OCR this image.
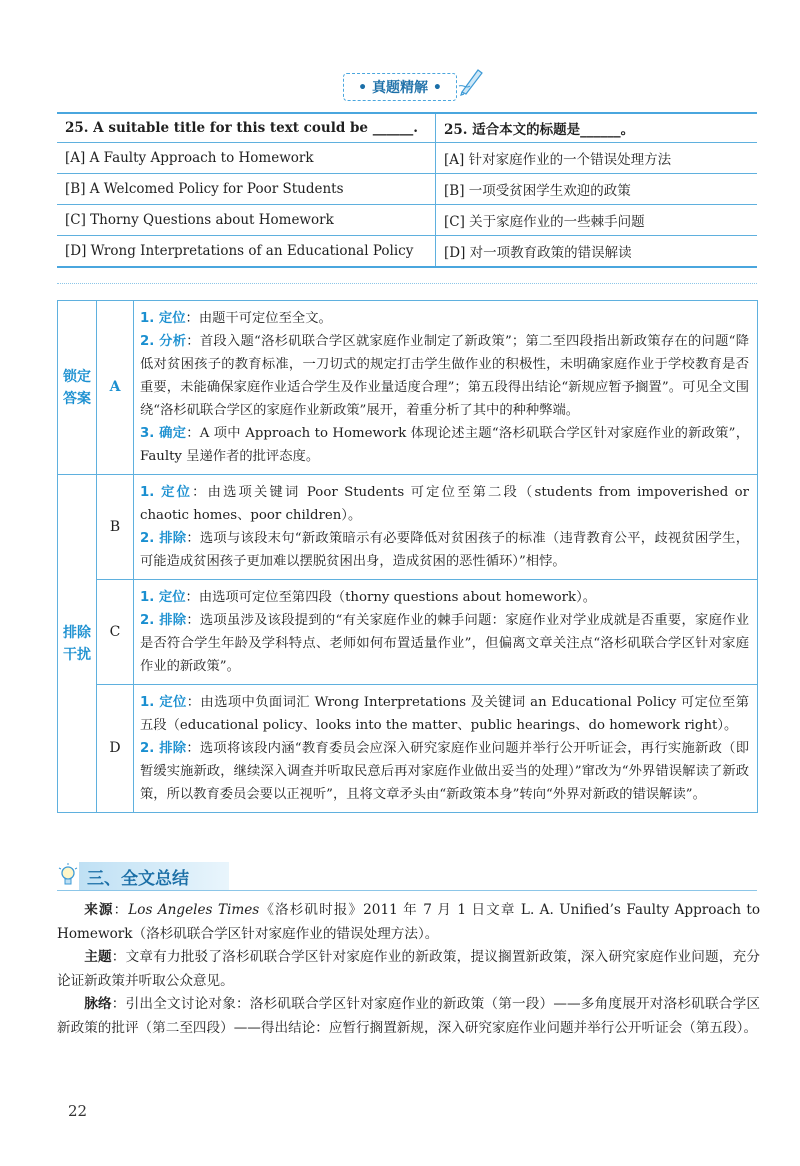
• 真题精解 •
25. A suitable title for this text could be ______.	25. 适合本文的标题是______。
[A] A Faulty Approach to Homework	[A] 针对家庭作业的一个错误处理方法
[B] A Welcomed Policy for Poor Students	[B] 一项受贫困学生欢迎的政策
[C] Thorny Questions about Homework	[C] 关于家庭作业的一些棘手问题
[D] Wrong Interpretations of an Educational Policy	[D] 对一项教育政策的错误解读
锁定答案	A	1. 定位：由题干可定位至全文。
2. 分析：首段入题“洛杉矶联合学区就家庭作业制定了新政策”；第二至四段指出新政策存在的问题“降低对贫困孩子的教育标准，一刀切式的规定打击学生做作业的积极性，未明确家庭作业于学校教育是否重要，未能确保家庭作业适合学生及作业量适度合理”；第五段得出结论“新规应暂予搁置”。可见全文围绕“洛杉矶联合学区的家庭作业新政策”展开，着重分析了其中的种种弊端。
3. 确定：A 项中 Approach to Homework 体现论述主题“洛杉矶联合学区针对家庭作业的新政策”，Faulty 呈递作者的批评态度。

排除干扰	B	1. 定位：由选项关键词 Poor Students 可定位至第二段（students from impoverished or chaotic homes、poor children）。
2. 排除：选项与该段末句“新政策暗示有必要降低对贫困孩子的标准（违背教育公平，歧视贫困学生，可能造成贫困孩子更加难以摆脱贫困出身，造成贫困的恶性循环）”相悖。

	C	1. 定位：由选项可定位至第四段（thorny questions about homework）。
2. 排除：选项虽涉及该段提到的“有关家庭作业的棘手问题：家庭作业对学业成就是否重要，家庭作业是否符合学生年龄及学科特点、老师如何布置适量作业”，但偏离文章关注点“洛杉矶联合学区针对家庭作业的新政策”。

	D	1. 定位：由选项中负面词汇 Wrong Interpretations 及关键词 an Educational Policy 可定位至第五段（educational policy、looks into the matter、public hearings、do homework right）。
2. 排除：选项将该段内涵“教育委员会应深入研究家庭作业问题并举行公开听证会，再行实施新政（即暂缓实施新政，继续深入调查并听取民意后再对家庭作业做出妥当的处理）”窜改为“外界错误解读了新政策，所以教育委员会要以正视听”，且将文章矛头由“新政策本身”转向“外界对新政的错误解读”。
三、全文总结

来源：Los Angeles Times《洛杉矶时报》2011 年 7 月 1 日文章 L. A. Unified’s Faulty Approach to Homework（洛杉矶联合学区针对家庭作业的错误处理方法）。

主题：文章有力批驳了洛杉矶联合学区针对家庭作业的新政策，提议搁置新政策，深入研究家庭作业问题，充分论证新政策并听取公众意见。

脉络：引出全文讨论对象：洛杉矶联合学区针对家庭作业的新政策（第一段）——多角度展开对洛杉矶联合学区新政策的批评（第二至四段）——得出结论：应暂行搁置新规，深入研究家庭作业问题并举行公开听证会（第五段）。

22
